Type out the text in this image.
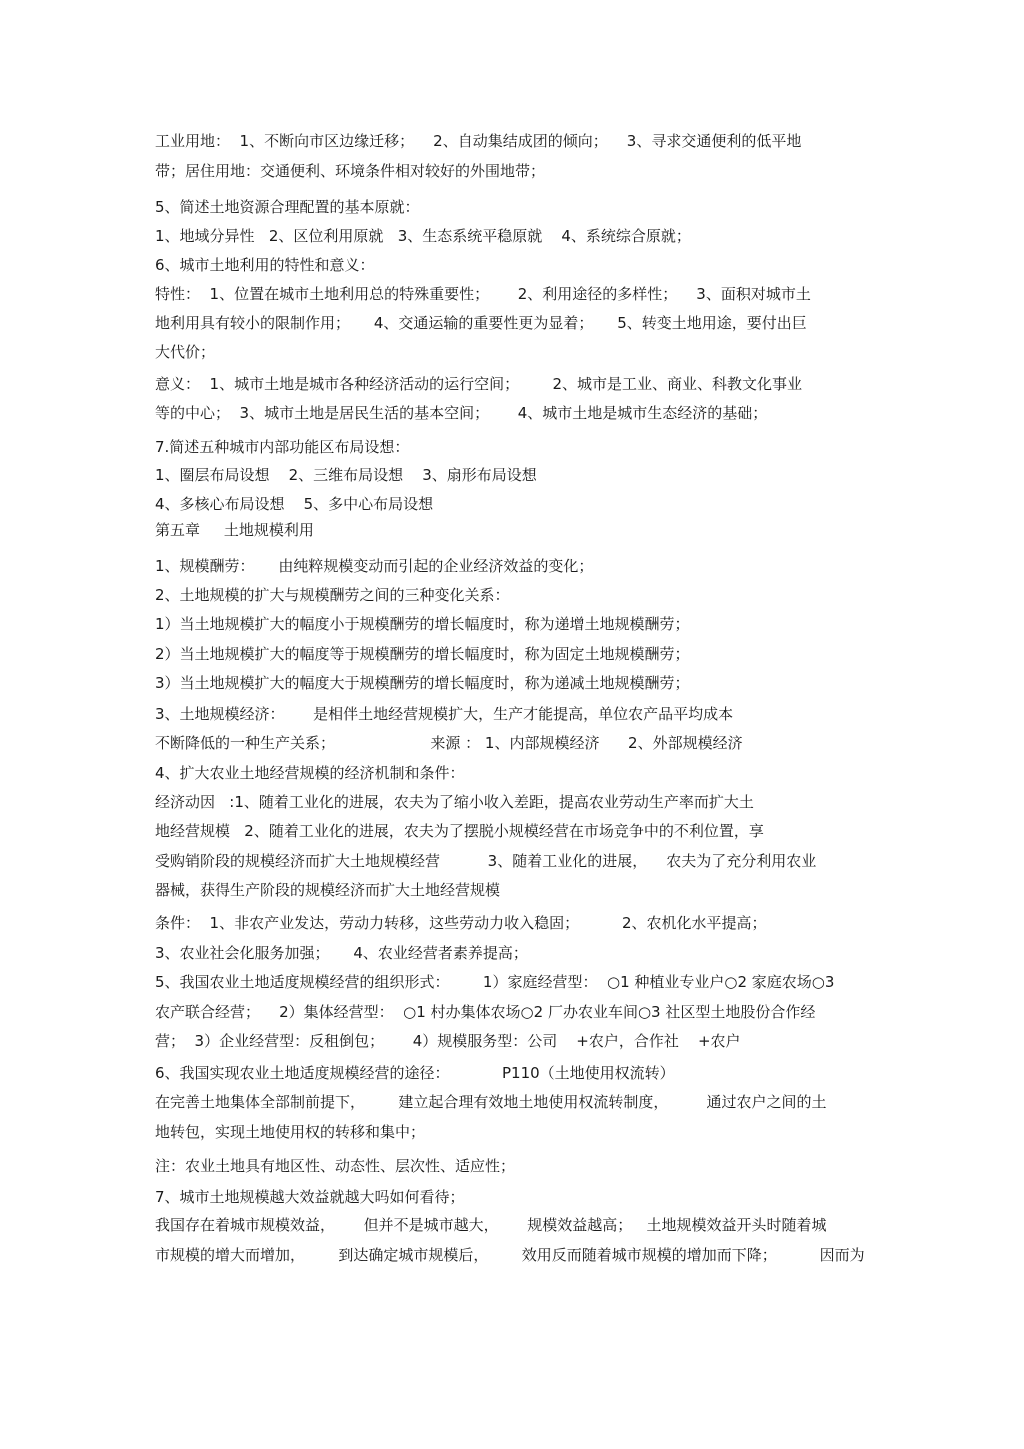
工业用地：  1、不断向市区边缘迁移；    2、自动集结成团的倾向；    3、寻求交通便利的低平地
带；居住用地：交通便利、环境条件相对较好的外围地带；
5、简述土地资源合理配置的基本原就：
1、地域分异性   2、区位利用原就   3、生态系统平稳原就    4、系统综合原就；
6、城市土地利用的特性和意义：
特性：  1、位置在城市土地利用总的特殊重要性；      2、利用途径的多样性；    3、面积对城市土
地利用具有较小的限制作用；     4、交通运输的重要性更为显着；     5、转变土地用途，要付出巨
大代价；
意义：  1、城市土地是城市各种经济活动的运行空间；       2、城市是工业、商业、科教文化事业
等的中心；  3、城市土地是居民生活的基本空间；      4、城市土地是城市生态经济的基础；
7.简述五种城市内部功能区布局设想：
1、圈层布局设想    2、三维布局设想    3、扇形布局设想
4、多核心布局设想    5、多中心布局设想
第五章     土地规模利用
1、规模酬劳：     由纯粹规模变动而引起的企业经济效益的变化；
2、土地规模的扩大与规模酬劳之间的三种变化关系：
1）当土地规模扩大的幅度小于规模酬劳的增长幅度时，称为递增土地规模酬劳；
2）当土地规模扩大的幅度等于规模酬劳的增长幅度时，称为固定土地规模酬劳；
3）当土地规模扩大的幅度大于规模酬劳的增长幅度时，称为递减土地规模酬劳；
3、土地规模经济：      是相伴土地经营规模扩大，生产才能提高，单位农产品平均成本
不断降低的一种生产关系；                    来源 ： 1、内部规模经济      2、外部规模经济
4、扩大农业土地经营规模的经济机制和条件：
经济动因   :1、随着工业化的进展，农夫为了缩小收入差距，提高农业劳动生产率而扩大土
地经营规模   2、随着工业化的进展，农夫为了摆脱小规模经营在市场竞争中的不利位置，享
受购销阶段的规模经济而扩大土地规模经营          3、随着工业化的进展，    农夫为了充分利用农业
器械，获得生产阶段的规模经济而扩大土地经营规模
条件：  1、非农产业发达，劳动力转移，这些劳动力收入稳固；         2、农机化水平提高；
3、农业社会化服务加强；     4、农业经营者素养提高；
5、我国农业土地适度规模经营的组织形式：       1）家庭经营型：  ○1 种植业专业户○2 家庭农场○3
农产联合经营；    2）集体经营型：  ○1 村办集体农场○2 厂办农业车间○3 社区型土地股份合作经
营；  3）企业经营型：反租倒包；      4）规模服务型：公司    +农户，合作社    +农户
6、我国实现农业土地适度规模经营的途径：           P110（土地使用权流转）
在完善土地集体全部制前提下，       建立起合理有效地土地使用权流转制度，        通过农户之间的土
地转包，实现土地使用权的转移和集中；
注：农业土地具有地区性、动态性、层次性、适应性；
7、城市土地规模越大效益就越大吗如何看待；
我国存在着城市规模效益，      但并不是城市越大，      规模效益越高；   土地规模效益开头时随着城
市规模的增大而增加，       到达确定城市规模后，       效用反而随着城市规模的增加而下降；         因而为
